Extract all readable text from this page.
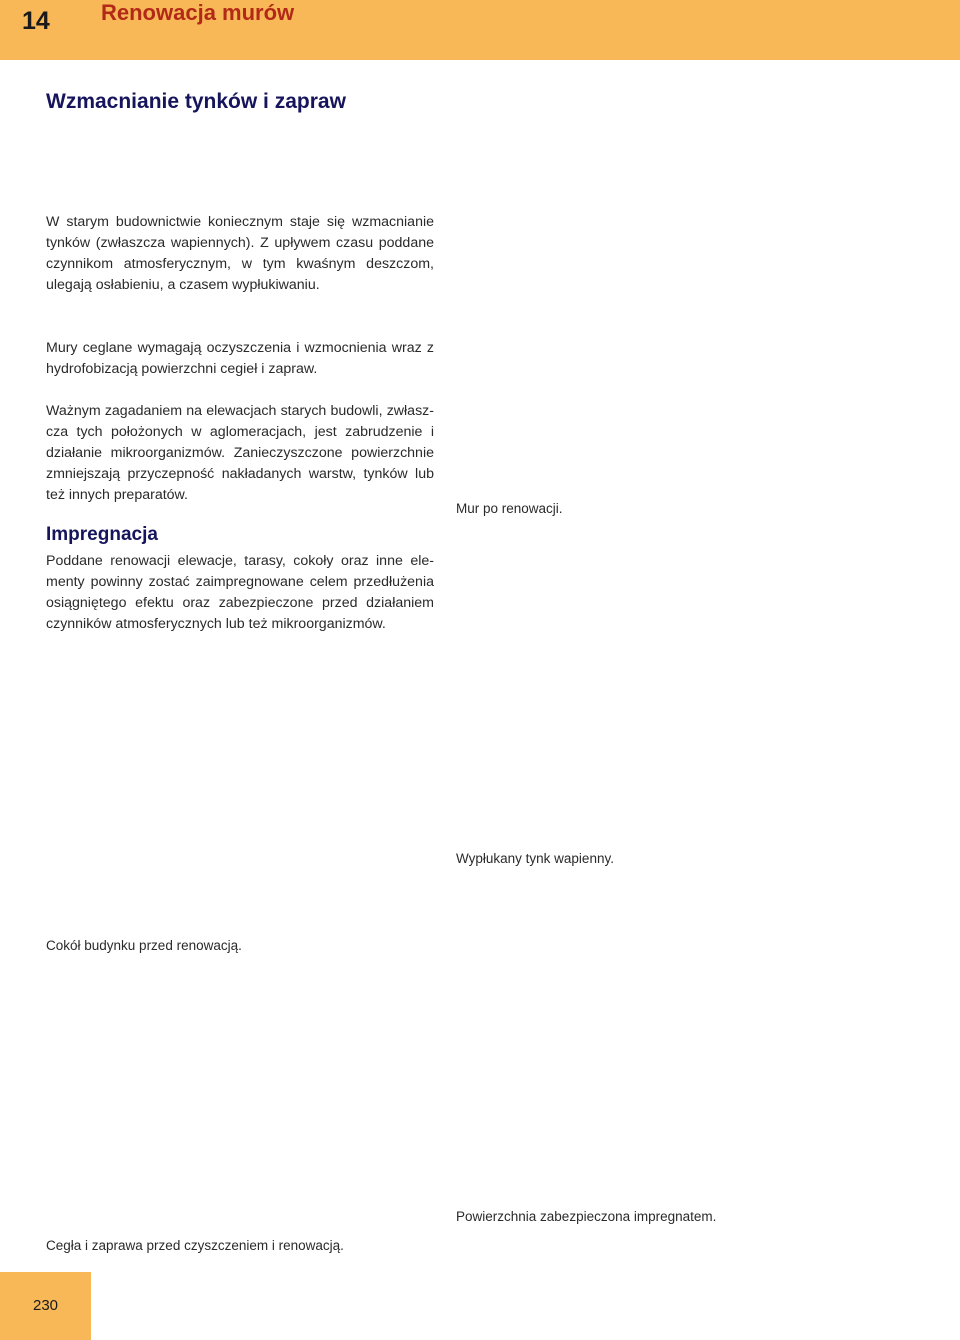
14 Renowacja murów
Wzmacnianie tynków i zapraw

W starym budownictwie koniecznym staje się wzmacnianie tynków (zwłaszcza wapiennych). Z upływem czasu poddane czynnikom atmosferycznym, w tym kwaśnym deszczom, ulegają osłabieniu, a czasem wypłukiwaniu.

Mury ceglane wymagają oczyszczenia i wzmocnienia wraz z hydrofobizacją powierzchni cegieł i zapraw.

Ważnym zagadaniem na elewacjach starych budowli, zwłaszcza tych położonych w aglomeracjach, jest zabrudzenie i działanie mikroorganizmów. Zanieczyszczone powierzchnie zmniejszają przyczepność nakładanych warstw, tynków lub też innych preparatów.

Impregnacja

Poddane renowacji elewacje, tarasy, cokoły oraz inne elementy powinny zostać zaimpregnowane celem przedłużenia osiągniętego efektu oraz zabezpieczone przed działaniem czynników atmosferycznych lub też mikroorganizmów.

Mur po renowacji.
Wypłukany tynk wapienny.
Cokół budynku przed renowacją.
Powierzchnia zabezpieczona impregnatem.
Cegła i zaprawa przed czyszczeniem i renowacją.
230
